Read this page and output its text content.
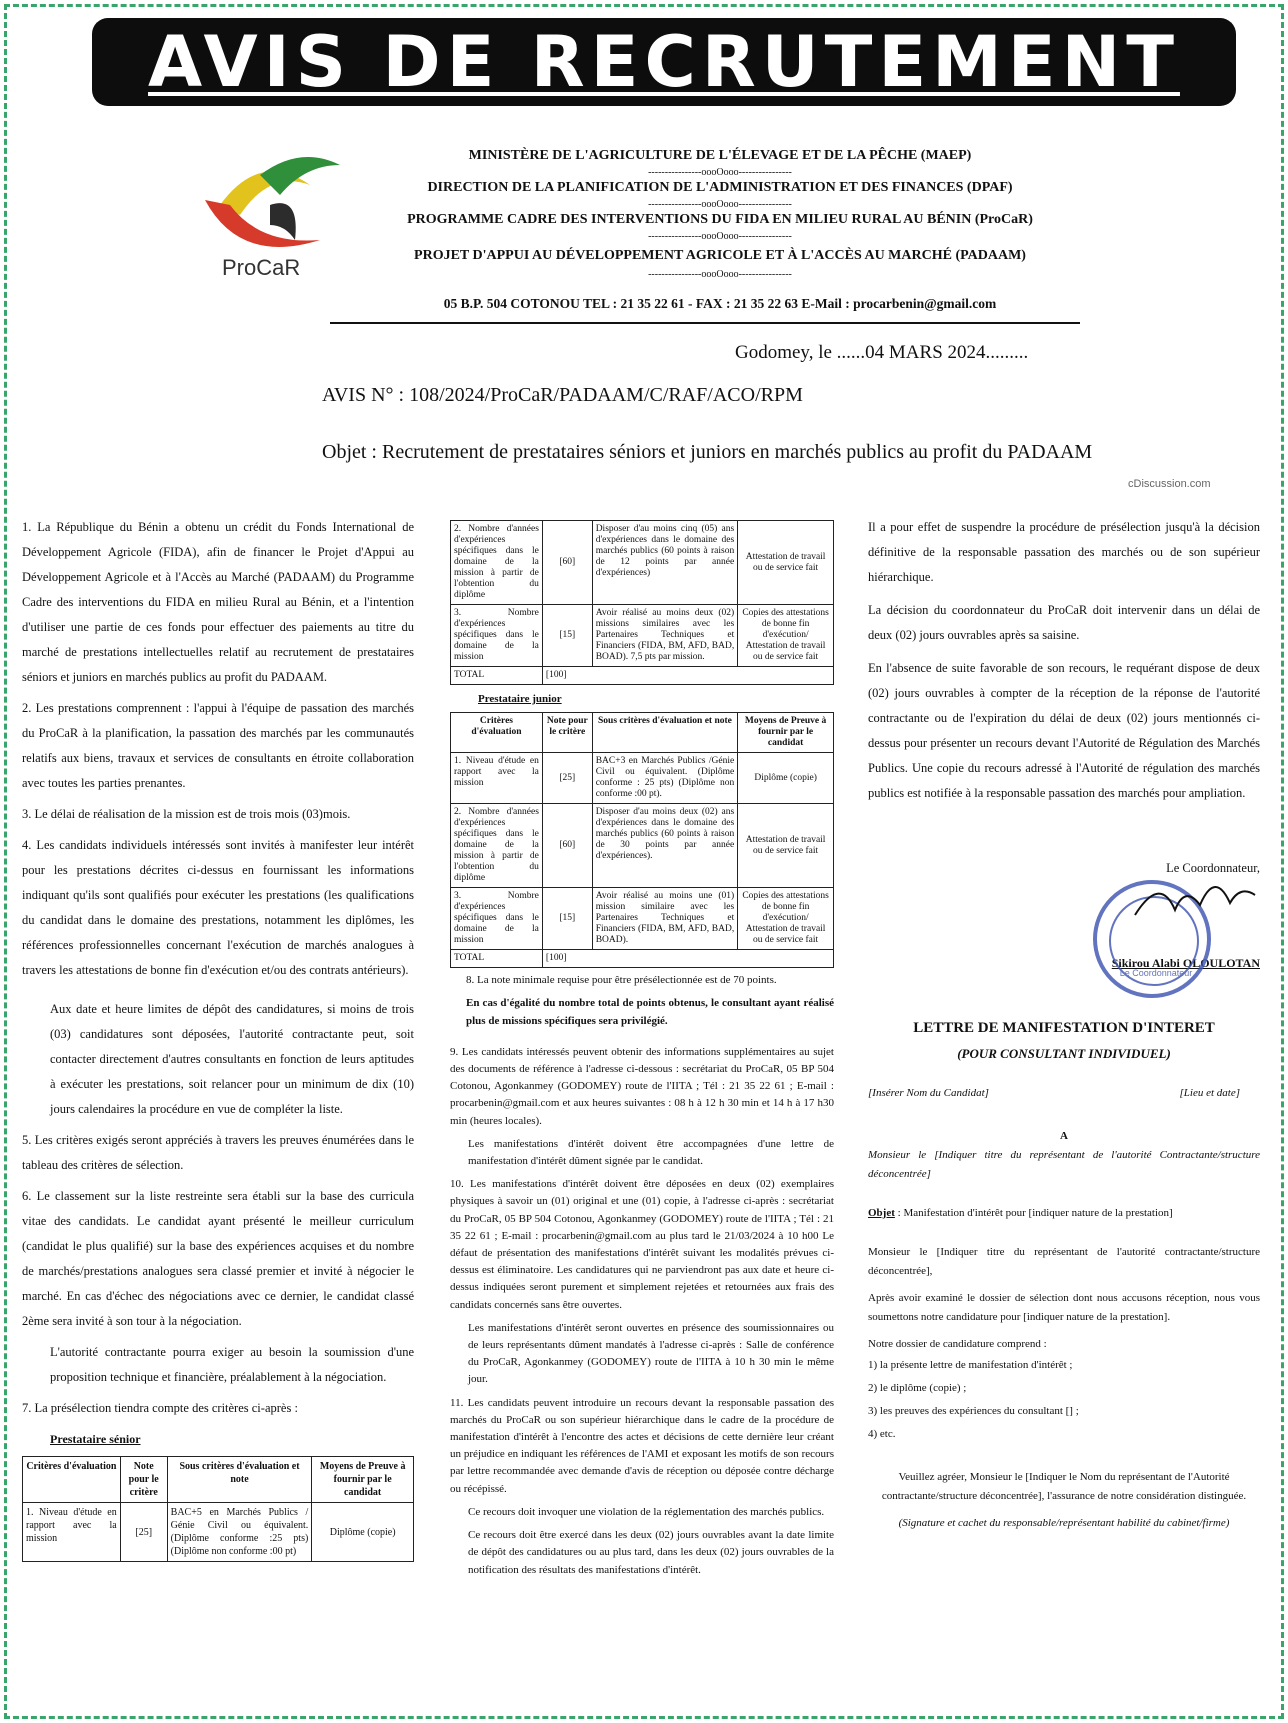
AVIS DE RECRUTEMENT
ProCaR
MINISTÈRE DE L'AGRICULTURE DE L'ÉLEVAGE ET DE LA PÊCHE (MAEP)
----------------oooOooo----------------
DIRECTION DE LA PLANIFICATION DE L'ADMINISTRATION ET DES FINANCES (DPAF)
----------------oooOooo----------------
PROGRAMME CADRE DES INTERVENTIONS DU FIDA EN MILIEU RURAL AU BÉNIN (ProCaR)
----------------oooOooo----------------
PROJET D'APPUI AU DÉVELOPPEMENT AGRICOLE ET À L'ACCÈS AU MARCHÉ (PADAAM)
----------------oooOooo----------------
05 B.P. 504 COTONOU TEL : 21 35 22 61 - FAX : 21 35 22 63 E-Mail : procarbenin@gmail.com
Godomey, le ......04 MARS 2024.........
AVIS N° : 108/2024/ProCaR/PADAAM/C/RAF/ACO/RPM
Objet : Recrutement de prestataires séniors et juniors en marchés publics au profit du PADAAM
cDiscussion.com

1. La République du Bénin a obtenu un crédit du Fonds International de Développement Agricole (FIDA), afin de financer le Projet d'Appui au Développement Agricole et à l'Accès au Marché (PADAAM) du Programme Cadre des interventions du FIDA en milieu Rural au Bénin, et a l'intention d'utiliser une partie de ces fonds pour effectuer des paiements au titre du marché de prestations intellectuelles relatif au recrutement de prestataires séniors et juniors en marchés publics au profit du PADAAM.

2. Les prestations comprennent : l'appui à l'équipe de passation des marchés du ProCaR à la planification, la passation des marchés par les communautés relatifs aux biens, travaux et services de consultants en étroite collaboration avec toutes les parties prenantes.

3. Le délai de réalisation de la mission est de trois mois (03)mois.

4. Les candidats individuels intéressés sont invités à manifester leur intérêt pour les prestations décrites ci-dessus en fournissant les informations indiquant qu'ils sont qualifiés pour exécuter les prestations (les qualifications du candidat dans le domaine des prestations, notamment les diplômes, les références professionnelles concernant l'exécution de marchés analogues à travers les attestations de bonne fin d'exécution et/ou des contrats antérieurs).

Aux date et heure limites de dépôt des candidatures, si moins de trois (03) candidatures sont déposées, l'autorité contractante peut, soit contacter directement d'autres consultants en fonction de leurs aptitudes à exécuter les prestations, soit relancer pour un minimum de dix (10) jours calendaires la procédure en vue de compléter la liste.

5. Les critères exigés seront appréciés à travers les preuves énumérées dans le tableau des critères de sélection.

6. Le classement sur la liste restreinte sera établi sur la base des curricula vitae des candidats. Le candidat ayant présenté le meilleur curriculum (candidat le plus qualifié) sur la base des expériences acquises et du nombre de marchés/prestations analogues sera classé premier et invité à négocier le marché. En cas d'échec des négociations avec ce dernier, le candidat classé 2ème sera invité à son tour à la négociation.

L'autorité contractante pourra exiger au besoin la soumission d'une proposition technique et financière, préalablement à la négociation.

7. La présélection tiendra compte des critères ci-après :

Prestataire sénior
Critères d'évaluation	Note pour le critère	Sous critères d'évaluation et note	Moyens de Preuve à fournir par le candidat
1. Niveau d'étude en rapport avec la mission	[25]	BAC+5 en Marchés Publics / Génie Civil ou équivalent. (Diplôme conforme :25 pts) (Diplôme non conforme :00 pt)	Diplôme (copie)
2. Nombre d'années d'expériences spécifiques dans le domaine de la mission à partir de l'obtention du diplôme	[60]	Disposer d'au moins cinq (05) ans d'expériences dans le domaine des marchés publics (60 points à raison de 12 points par année d'expériences)	Attestation de travail ou de service fait
3. Nombre d'expériences spécifiques dans le domaine de la mission	[15]	Avoir réalisé au moins deux (02) missions similaires avec les Partenaires Techniques et Financiers (FIDA, BM, AFD, BAD, BOAD). 7,5 pts par mission.	Copies des attestations de bonne fin d'exécution/ Attestation de travail ou de service fait
TOTAL	[100]		
Prestataire junior
Critères d'évaluation	Note pour le critère	Sous critères d'évaluation et note	Moyens de Preuve à fournir par le candidat
1. Niveau d'étude en rapport avec la mission	[25]	BAC+3 en Marchés Publics /Génie Civil ou équivalent. (Diplôme conforme : 25 pts) (Diplôme non conforme :00 pt).	Diplôme (copie)
2. Nombre d'années d'expériences spécifiques dans le domaine de la mission à partir de l'obtention du diplôme	[60]	Disposer d'au moins deux (02) ans d'expériences dans le domaine des marchés publics (60 points à raison de 30 points par année d'expériences).	Attestation de travail ou de service fait
3. Nombre d'expériences spécifiques dans le domaine de la mission	[15]	Avoir réalisé au moins une (01) mission similaire avec les Partenaires Techniques et Financiers (FIDA, BM, AFD, BAD, BOAD).	Copies des attestations de bonne fin d'exécution/ Attestation de travail ou de service fait
TOTAL	[100]		

8. La note minimale requise pour être présélectionnée est de 70 points.

En cas d'égalité du nombre total de points obtenus, le consultant ayant réalisé plus de missions spécifiques sera privilégié.

9. Les candidats intéressés peuvent obtenir des informations supplémentaires au sujet des documents de référence à l'adresse ci-dessous : secrétariat du ProCaR, 05 BP 504 Cotonou, Agonkanmey (GODOMEY) route de l'IITA ; Tél : 21 35 22 61 ; E-mail : procarbenin@gmail.com et aux heures suivantes : 08 h à 12 h 30 min et 14 h à 17 h30 min (heures locales).

Les manifestations d'intérêt doivent être accompagnées d'une lettre de manifestation d'intérêt dûment signée par le candidat.

10. Les manifestations d'intérêt doivent être déposées en deux (02) exemplaires physiques à savoir un (01) original et une (01) copie, à l'adresse ci-après : secrétariat du ProCaR, 05 BP 504 Cotonou, Agonkanmey (GODOMEY) route de l'IITA ; Tél : 21 35 22 61 ; E-mail : procarbenin@gmail.com au plus tard le 21/03/2024 à 10 h00 Le défaut de présentation des manifestations d'intérêt suivant les modalités prévues ci-dessus est éliminatoire. Les candidatures qui ne parviendront pas aux date et heure ci-dessus indiquées seront purement et simplement rejetées et retournées aux frais des candidats concernés sans être ouvertes.

Les manifestations d'intérêt seront ouvertes en présence des soumissionnaires ou de leurs représentants dûment mandatés à l'adresse ci-après : Salle de conférence du ProCaR, Agonkanmey (GODOMEY) route de l'IITA à 10 h 30 min le même jour.

11. Les candidats peuvent introduire un recours devant la responsable passation des marchés du ProCaR ou son supérieur hiérarchique dans le cadre de la procédure de manifestation d'intérêt à l'encontre des actes et décisions de cette dernière leur créant un préjudice en indiquant les références de l'AMI et exposant les motifs de son recours par lettre recommandée avec demande d'avis de réception ou déposée contre décharge ou récépissé.

Ce recours doit invoquer une violation de la réglementation des marchés publics.

Ce recours doit être exercé dans les deux (02) jours ouvrables avant la date limite de dépôt des candidatures ou au plus tard, dans les deux (02) jours ouvrables de la notification des résultats des manifestations d'intérêt.

Il a pour effet de suspendre la procédure de présélection jusqu'à la décision définitive de la responsable passation des marchés ou de son supérieur hiérarchique.

La décision du coordonnateur du ProCaR doit intervenir dans un délai de deux (02) jours ouvrables après sa saisine.

En l'absence de suite favorable de son recours, le requérant dispose de deux (02) jours ouvrables à compter de la réception de la réponse de l'autorité contractante ou de l'expiration du délai de deux (02) jours mentionnés ci-dessus pour présenter un recours devant l'Autorité de Régulation des Marchés Publics. Une copie du recours adressé à l'Autorité de régulation des marchés publics est notifiée à la responsable passation des marchés pour ampliation.

Le Coordonnateur,
Sikirou Alabi OLOULOTAN
LETTRE DE MANIFESTATION D'INTERET
(POUR CONSULTANT INDIVIDUEL)
[Insérer Nom du Candidat]	[Lieu et date]
A

Monsieur le [Indiquer titre du représentant de l'autorité Contractante/structure déconcentrée]

Objet : Manifestation d'intérêt pour [indiquer nature de la prestation]

Monsieur le [Indiquer titre du représentant de l'autorité contractante/structure déconcentrée],

Après avoir examiné le dossier de sélection dont nous accusons réception, nous vous soumettons notre candidature pour [indiquer nature de la prestation].

Notre dossier de candidature comprend :

1) la présente lettre de manifestation d'intérêt ;

2) le diplôme (copie) ;

3) les preuves des expériences du consultant [] ;

4) etc.

Veuillez agréer, Monsieur le [Indiquer le Nom du représentant de l'Autorité contractante/structure déconcentrée], l'assurance de notre considération distinguée.

(Signature et cachet du responsable/représentant habilité du cabinet/firme)

Le Coordonnateur
